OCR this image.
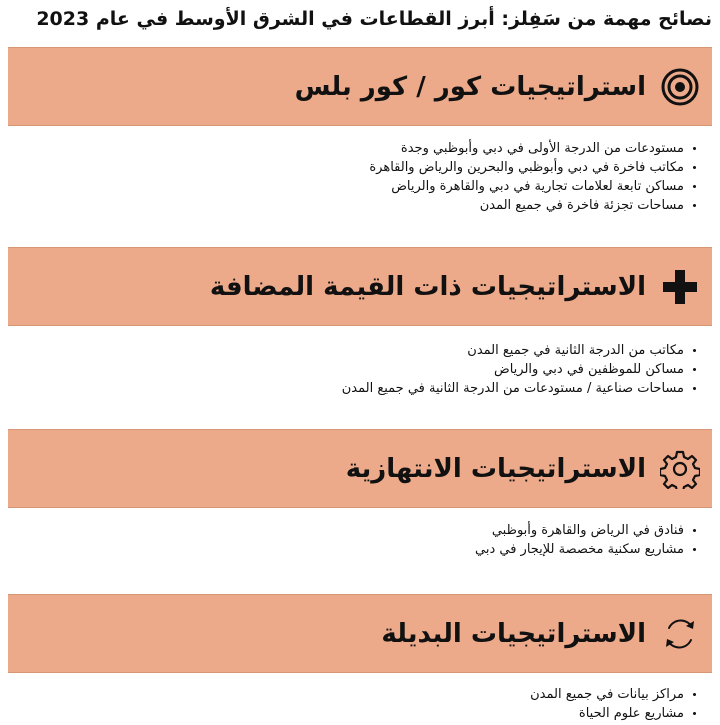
نصائح مهمة من سَفِلز: أبرز القطاعات في الشرق الأوسط في عام 2023
استراتيجيات كور / كور بلس
مستودعات من الدرجة الأولى في دبي وأبوظبي وجدة
مكاتب فاخرة في دبي وأبوظبي والبحرين والرياض والقاهرة
مساكن تابعة لعلامات تجارية في دبي والقاهرة والرياض
مساحات تجزئة فاخرة في جميع المدن
الاستراتيجيات ذات القيمة المضافة
مكاتب من الدرجة الثانية في جميع المدن
مساكن للموظفين في دبي والرياض
مساحات صناعية / مستودعات من الدرجة الثانية في جميع المدن
الاستراتيجيات الانتهازية
فنادق في الرياض والقاهرة وأبوظبي
مشاريع سكنية مخصصة للإيجار في دبي
الاستراتيجيات البديلة
مراكز بيانات في جميع المدن
مشاريع علوم الحياة
